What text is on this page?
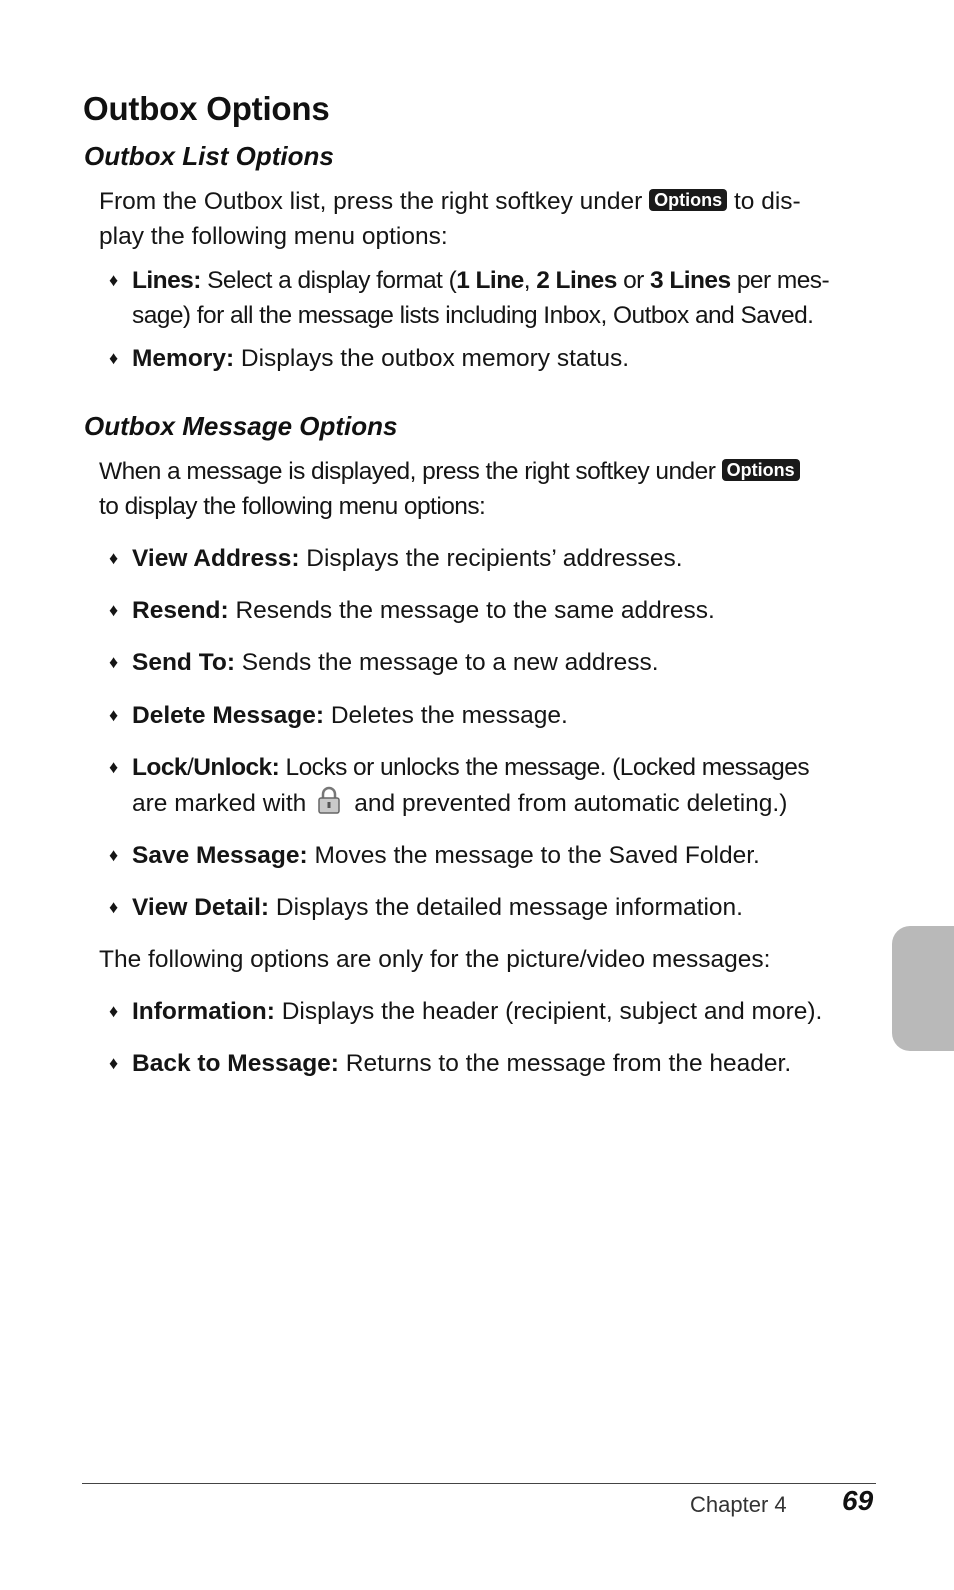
Outbox Options
Outbox List Options
From the Outbox list, press the right softkey under Options to dis-
play the following menu options:
♦ Lines: Select a display format (1 Line, 2 Lines or 3 Lines per mes-
sage) for all the message lists including Inbox, Outbox and Saved.
♦ Memory: Displays the outbox memory status.
Outbox Message Options
When a message is displayed, press the right softkey under Options
to display the following menu options:
♦ View Address: Displays the recipients’ addresses.
♦ Resend: Resends the message to the same address.
♦ Send To: Sends the message to a new address.
♦ Delete Message: Deletes the message.
♦ Lock/Unlock: Locks or unlocks the message. (Locked messages
are marked with and prevented from automatic deleting.)
♦ Save Message: Moves the message to the Saved Folder.
♦ View Detail: Displays the detailed message information.
The following options are only for the picture/video messages:
♦ Information: Displays the header (recipient, subject and more).
♦ Back to Message: Returns to the message from the header.
Chapter 4 69
